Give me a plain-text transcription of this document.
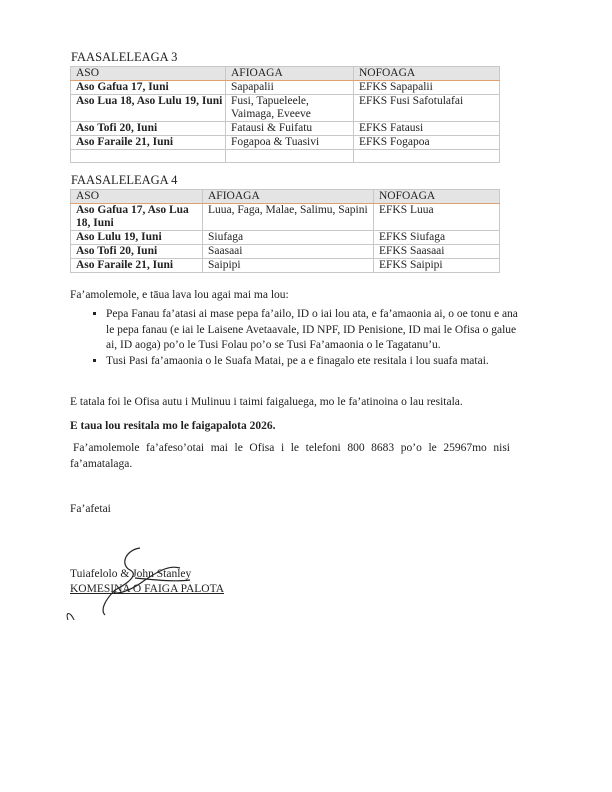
FAASALELEAGA 3
ASO	AFIOAGA	NOFOAGA
Aso Gafua 17, Iuni	Sapapalii	EFKS Sapapalii
Aso Lua 18, Aso Lulu 19, Iuni	Fusi, Tapueleele, Vaimaga, Eveeve	EFKS Fusi Safotulafai
Aso Tofi 20, Iuni	Fatausi & Fuifatu	EFKS Fatausi
Aso Faraile 21, Iuni	Fogapoa & Tuasivi	EFKS Fogapoa

FAASALELEAGA 4
ASO	AFIOAGA	NOFOAGA
Aso Gafua 17, Aso Lua 18, Iuni	Luua, Faga, Malae, Salimu, Sapini	EFKS Luua
Aso Lulu 19, Iuni	Siufaga	EFKS Siufaga
Aso Tofi 20, Iuni	Saasaai	EFKS Saasaai
Aso Faraile 21, Iuni	Saipipi	EFKS Saipipi
Fa’amolemole, e tāua lava lou agai mai ma lou:
▪ Pepa Fanau fa’atasi ai mase pepa fa’ailo, ID o iai lou ata, e fa’amaonia ai, o oe tonu e ana le pepa fanau (e iai le Laisene Avetaavale, ID NPF, ID Penisione, ID mai le Ofisa o galue ai, ID aoga) po’o le Tusi Folau po’o se Tusi Fa’amaonia o le Tagatanu’u.
▪ Tusi Pasi fa’amaonia o le Suafa Matai, pe a e finagalo ete resitala i lou suafa matai.
E tatala foi le Ofisa autu i Mulinuu i taimi faigaluega, mo le fa’atinoina o lau resitala.
E taua lou resitala mo le faigapalota 2026.
Fa’amolemole fa’afeso’otai mai le Ofisa i le telefoni 800 8683 po’o le 25967mo nisi fa’amatalaga.
Fa’afetai
Tuiafelolo & John Stanley
KOMESINA O FAIGA PALOTA
